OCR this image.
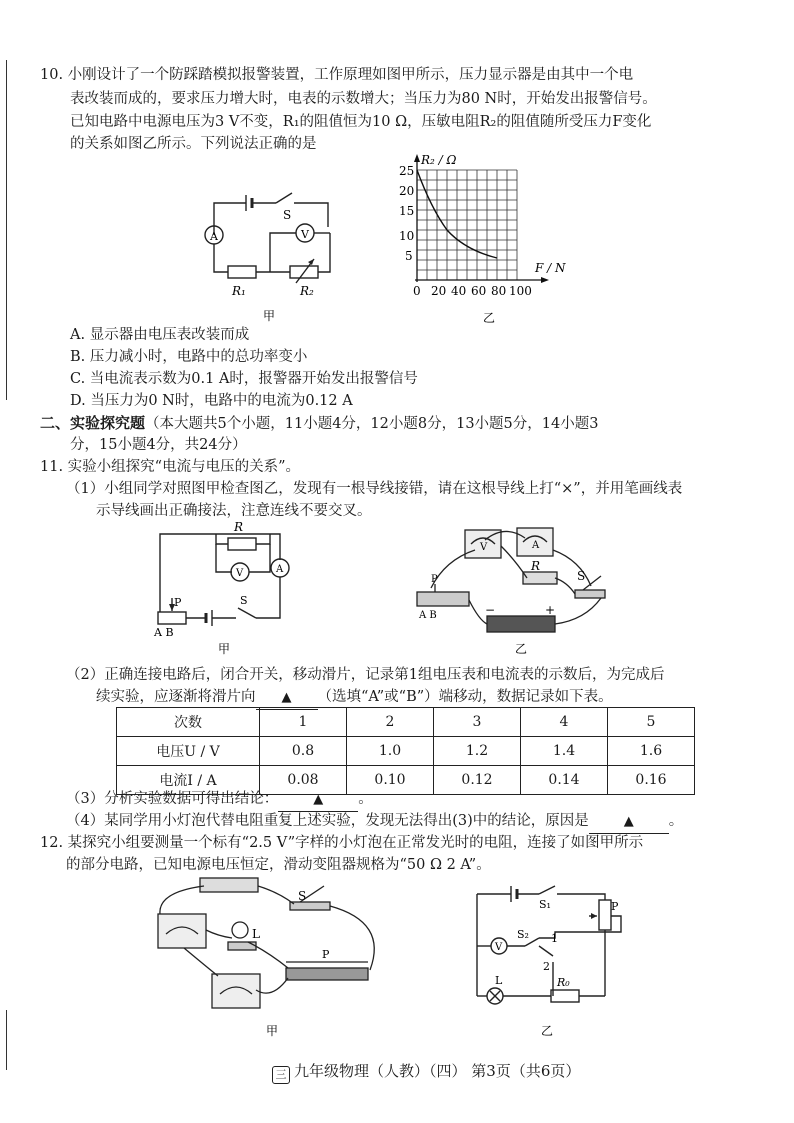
10. 小刚设计了一个防踩踏模拟报警装置，工作原理如图甲所示，压力显示器是由其中一个电
表改装而成的，要求压力增大时，电表的示数增大；当压力为80 N时，开始发出报警信号。
已知电路中电源电压为3 V不变，R₁的阻值恒为10 Ω，压敏电阻R₂的阻值随所受压力F变化
的关系如图乙所示。下列说法正确的是
A	V
S
R₁	R₂
甲
R₂ / Ω
F / N
25
20
15
10
5
0 20 40 60 80 100
乙
A. 显示器由电压表改装而成
B. 压力减小时，电路中的总功率变小
C. 当电流表示数为0.1 A时，报警器开始发出报警信号
D. 当压力为0 N时，电路中的电流为0.12 A
二、实验探究题（本大题共5个小题，11小题4分，12小题8分，13小题5分，14小题3
分，15小题4分，共24分）
11. 实验小组探究“电流与电压的关系”。
（1）小组同学对照图甲检查图乙，发现有一根导线接错，请在这根导线上打“×”，并用笔画线表
示导线画出正确接法，注意连线不要交叉。
R
V	A
P
A B
S
甲
V	A
R
S
P
A B	−	+
乙
（2）正确连接电路后，闭合开关，移动滑片，记录第1组电压表和电流表的示数后，为完成后
续实验，应逐渐将滑片向 ▲ （选填“A”或“B”）端移动，数据记录如下表。
次数	1	2	3	4	5
电压U / V	0.8	1.0	1.2	1.4	1.6
电流I / A	0.08	0.10	0.12	0.14	0.16
（3）分析实验数据可得出结论：	▲ 。
（4）某同学用小灯泡代替电阻重复上述实验，发现无法得出(3)中的结论，原因是	▲ 。
12. 某探究小组要测量一个标有“2.5 V”字样的小灯泡在正常发光时的电阻，连接了如图甲所示
的部分电路，已知电源电压恒定，滑动变阻器规格为“50 Ω 2 A”。
S
L
P
甲
S₁
S₂ 1
2
P
V
L	R₀
乙
三 九年级物理（人教）（四） 第3页（共6页）
